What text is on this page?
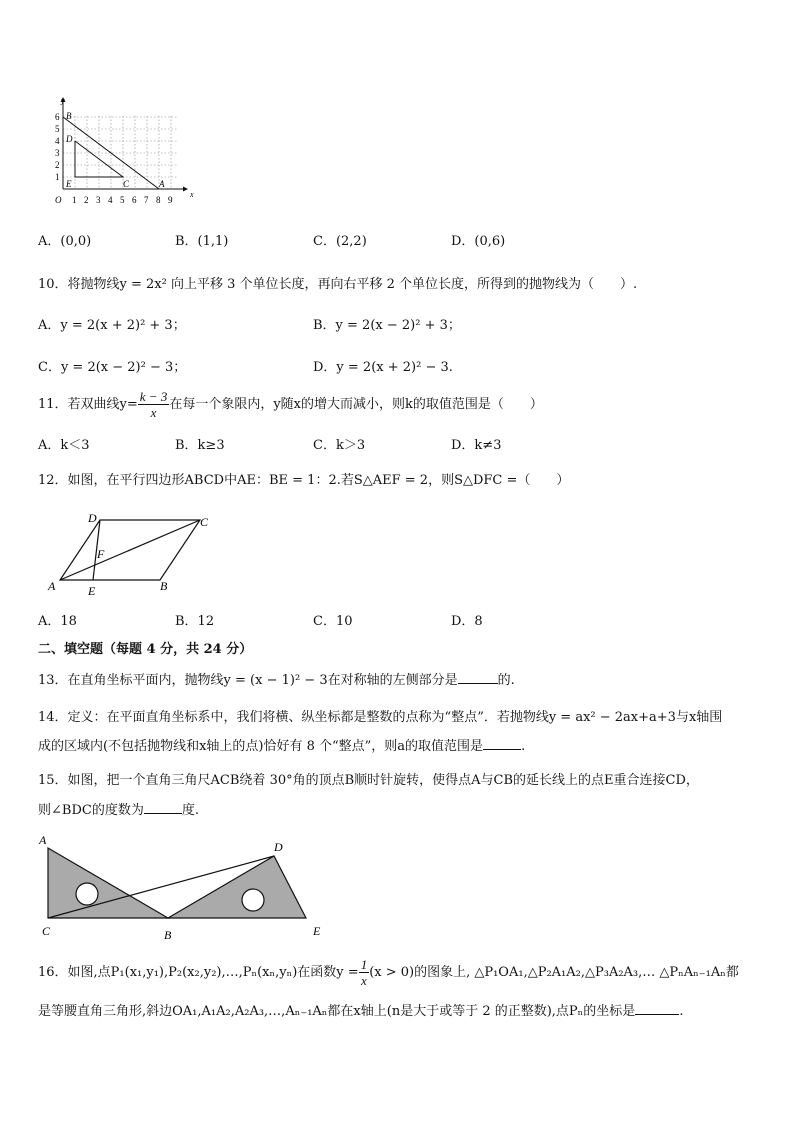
y
x
O
1
2
3
4
5
6
1 2 3 4 5 6 7 8 9
B
D
E	C	A
A．(0,0)	B．(1,1)	C．(2,2)	D．(0,6)
10．将抛物线y = 2x² 向上平移 3 个单位长度，再向右平移 2 个单位长度，所得到的抛物线为（　　）.
A．y = 2(x + 2)² + 3；	B．y = 2(x − 2)² + 3；
C．y = 2(x − 2)² − 3；	D．y = 2(x + 2)² − 3.
11．若双曲线$y= \frac{k - 3}{x}$ 在每一个象限内，y随x的增大而减小，则k的取值范围是（　　）
A．k＜3	B．k≥3	C．k＞3	D．k≠3
12．如图，在平行四边形ABCD中AE：BE = 1：2.若S△AEF = 2，则S△DFC =（　　）
D	C
F
A	E	B
A．18	B．12	C．10	D．8
二、填空题（每题 4 分，共 24 分）
13．在直角坐标平面内，抛物线y = (x − 1)² − 3在对称轴的左侧部分是	的.
14．定义：在平面直角坐标系中，我们将横、纵坐标都是整数的点称为“整点”．若抛物线y = ax² − 2ax+a+3与x轴围
成的区域内(不包括抛物线和x轴上的点)恰好有 8 个“整点”，则a的取值范围是	.
15．如图，把一个直角三角尺ACB绕着 30°角的顶点B顺时针旋转，使得点A与CB的延长线上的点E重合连接CD，
则∠BDC的度数为	度.
A	D
C	B	E
16．如图,点P₁(x₁,y₁),P₂(x₂,y₂),…,Pₙ(xₙ,yₙ)在函数$y = \frac{1}{x} (x > 0)$的图象上, △P₁OA₁,△P₂A₁A₂,△P₃A₂A₃,… △PₙAₙ₋₁Aₙ都
是等腰直角三角形,斜边OA₁,A₁A₂,A₂A₃,…,Aₙ₋₁Aₙ都在x轴上(n是大于或等于 2 的正整数),点Pₙ的坐标是	.
